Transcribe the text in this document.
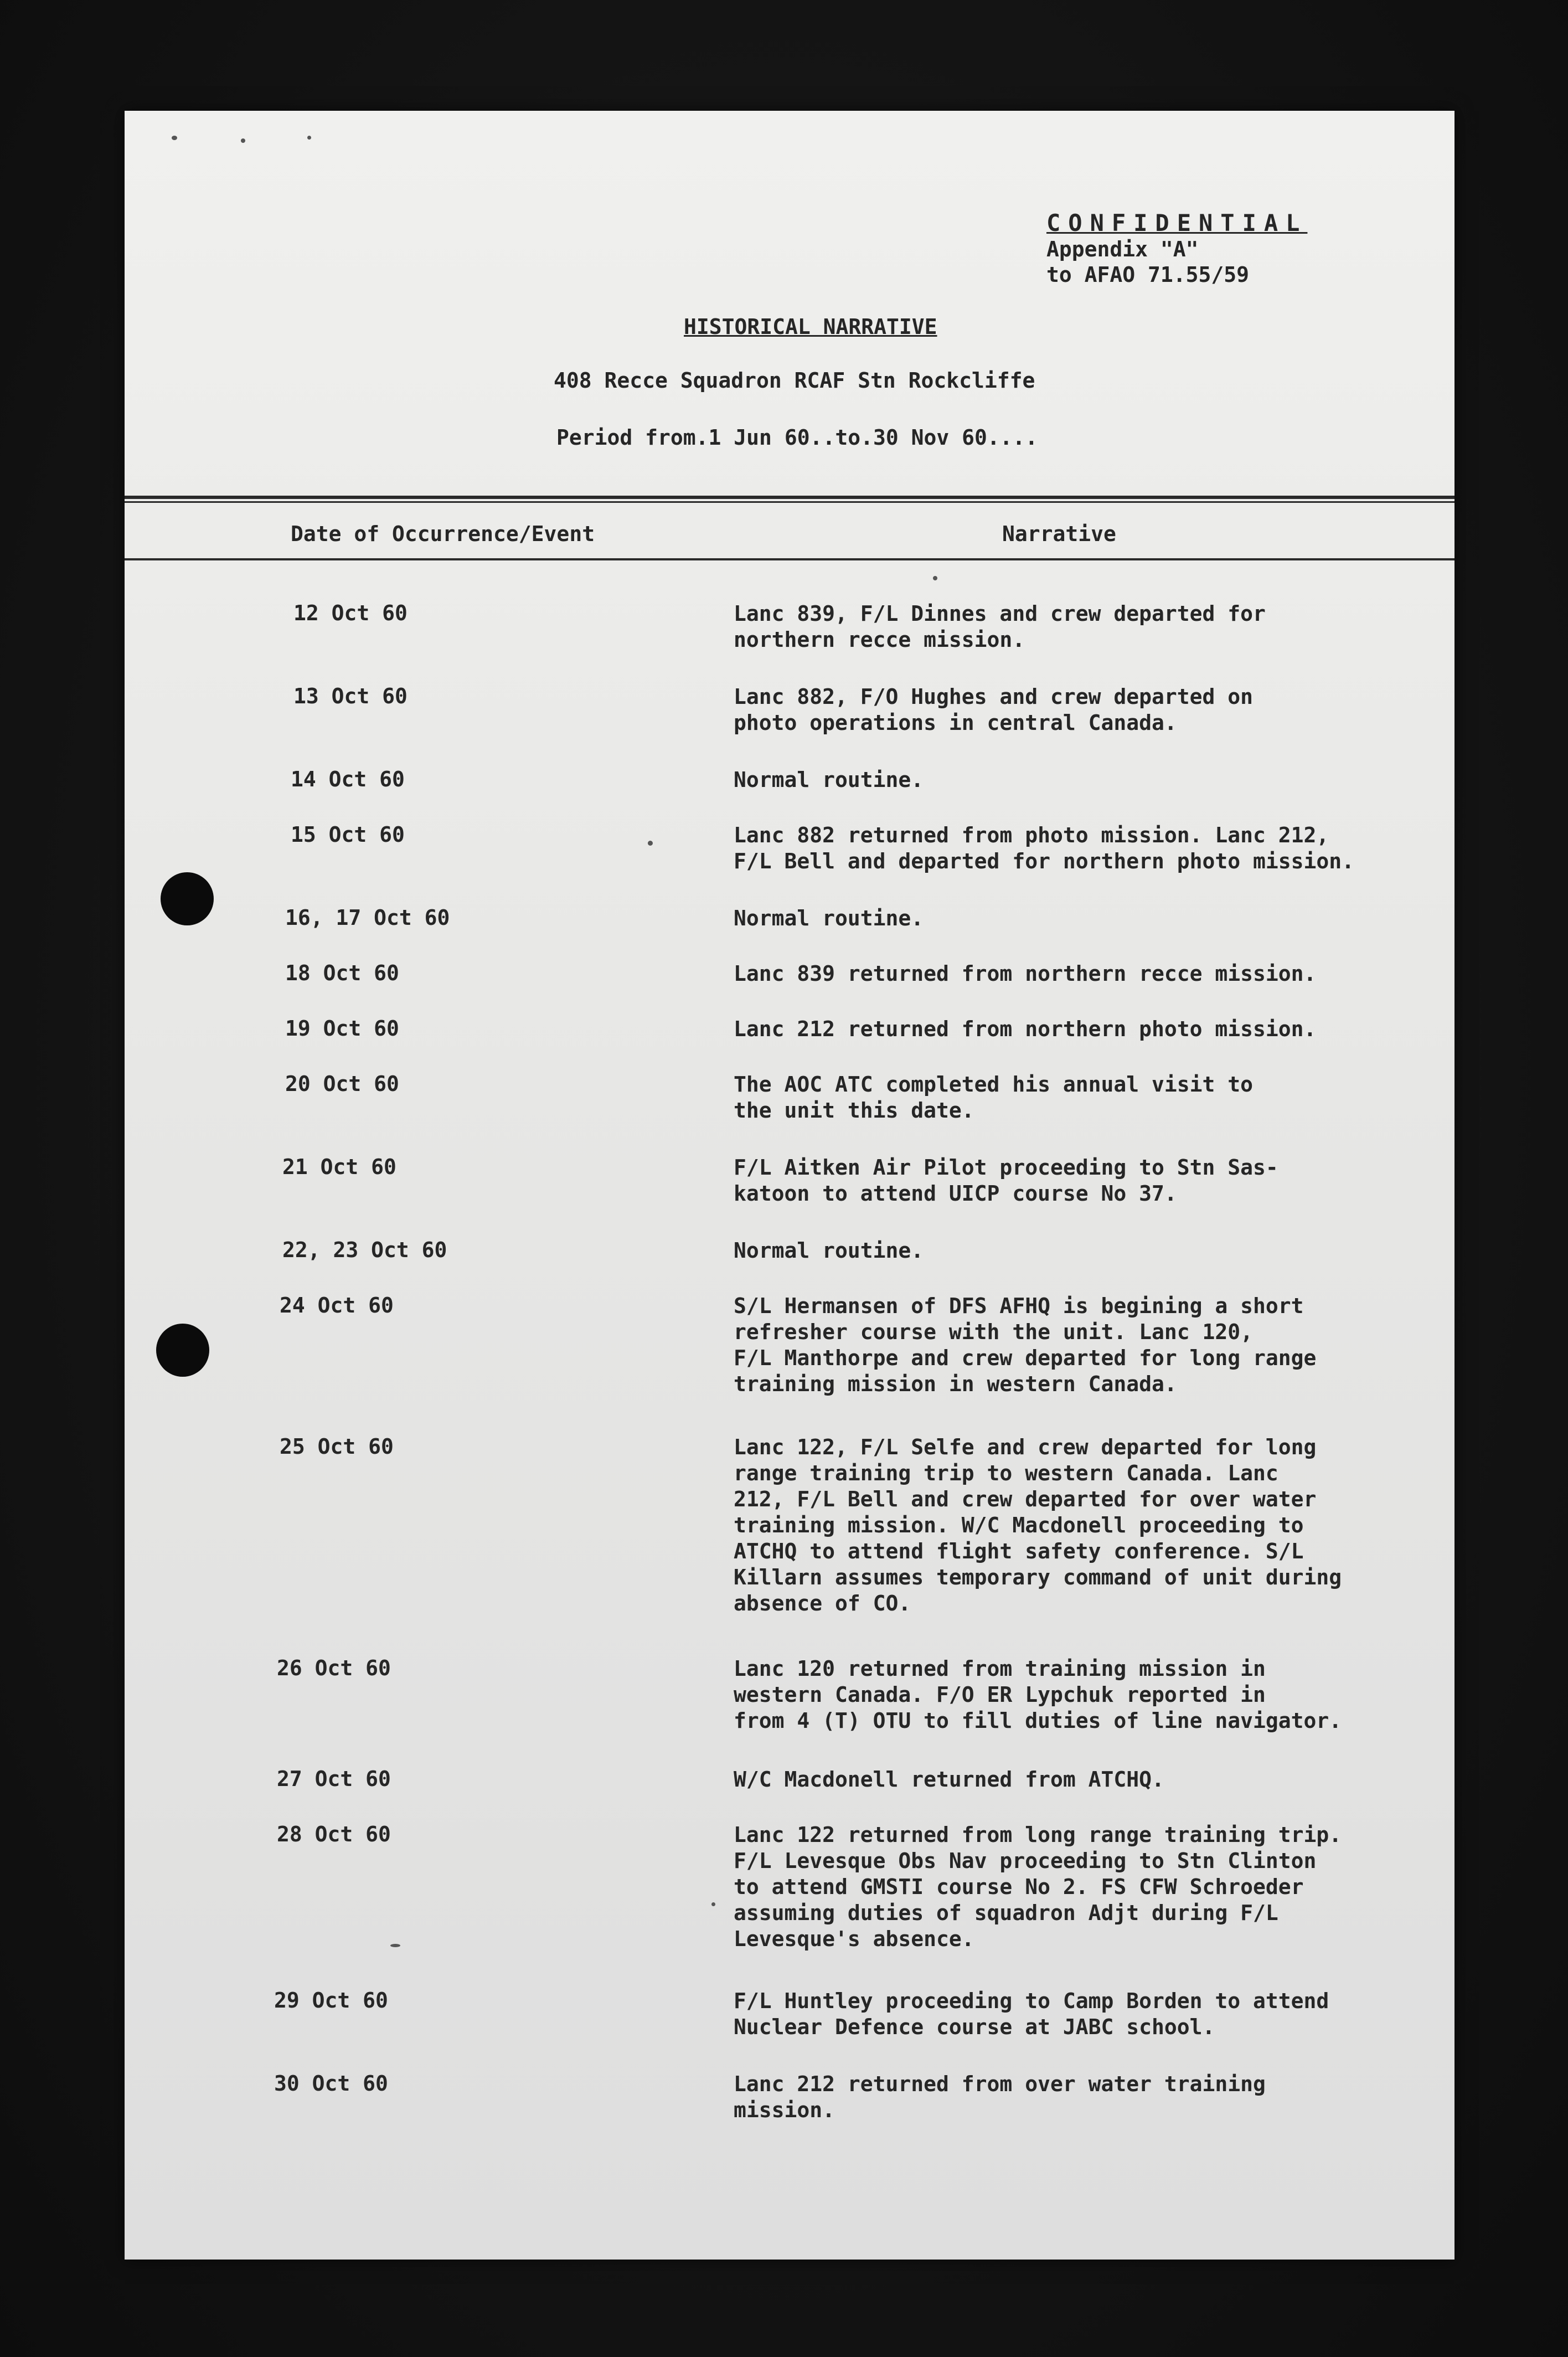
CONFIDENTIAL
Appendix "A"
to AFAO 71.55/59
HISTORICAL NARRATIVE
408 Recce Squadron RCAF Stn Rockcliffe
Period from.1 Jun 60..to.30 Nov 60....
Date of Occurrence/Event	Narrative
12 Oct 60	Lanc 839, F/L Dinnes and crew departed for
northern recce mission.
13 Oct 60	Lanc 882, F/O Hughes and crew departed on
photo operations in central Canada.
14 Oct 60	Normal routine.
15 Oct 60	Lanc 882 returned from photo mission. Lanc 212,
F/L Bell and departed for northern photo mission.
16, 17 Oct 60	Normal routine.
18 Oct 60	Lanc 839 returned from northern recce mission.
19 Oct 60	Lanc 212 returned from northern photo mission.
20 Oct 60	The AOC ATC completed his annual visit to
the unit this date.
21 Oct 60	F/L Aitken Air Pilot proceeding to Stn Sas-
katoon to attend UICP course No 37.
22, 23 Oct 60	Normal routine.
24 Oct 60	S/L Hermansen of DFS AFHQ is begining a short
refresher course with the unit. Lanc 120,
F/L Manthorpe and crew departed for long range
training mission in western Canada.
25 Oct 60	Lanc 122, F/L Selfe and crew departed for long
range training trip to western Canada. Lanc
212, F/L Bell and crew departed for over water
training mission. W/C Macdonell proceeding to
ATCHQ to attend flight safety conference. S/L
Killarn assumes temporary command of unit during
absence of CO.
26 Oct 60	Lanc 120 returned from training mission in
western Canada. F/O ER Lypchuk reported in
from 4 (T) OTU to fill duties of line navigator.
27 Oct 60	W/C Macdonell returned from ATCHQ.
28 Oct 60	Lanc 122 returned from long range training trip.
F/L Levesque Obs Nav proceeding to Stn Clinton
to attend GMSTI course No 2. FS CFW Schroeder
assuming duties of squadron Adjt during F/L
Levesque's absence.
29 Oct 60	F/L Huntley proceeding to Camp Borden to attend
Nuclear Defence course at JABC school.
30 Oct 60	Lanc 212 returned from over water training
mission.
